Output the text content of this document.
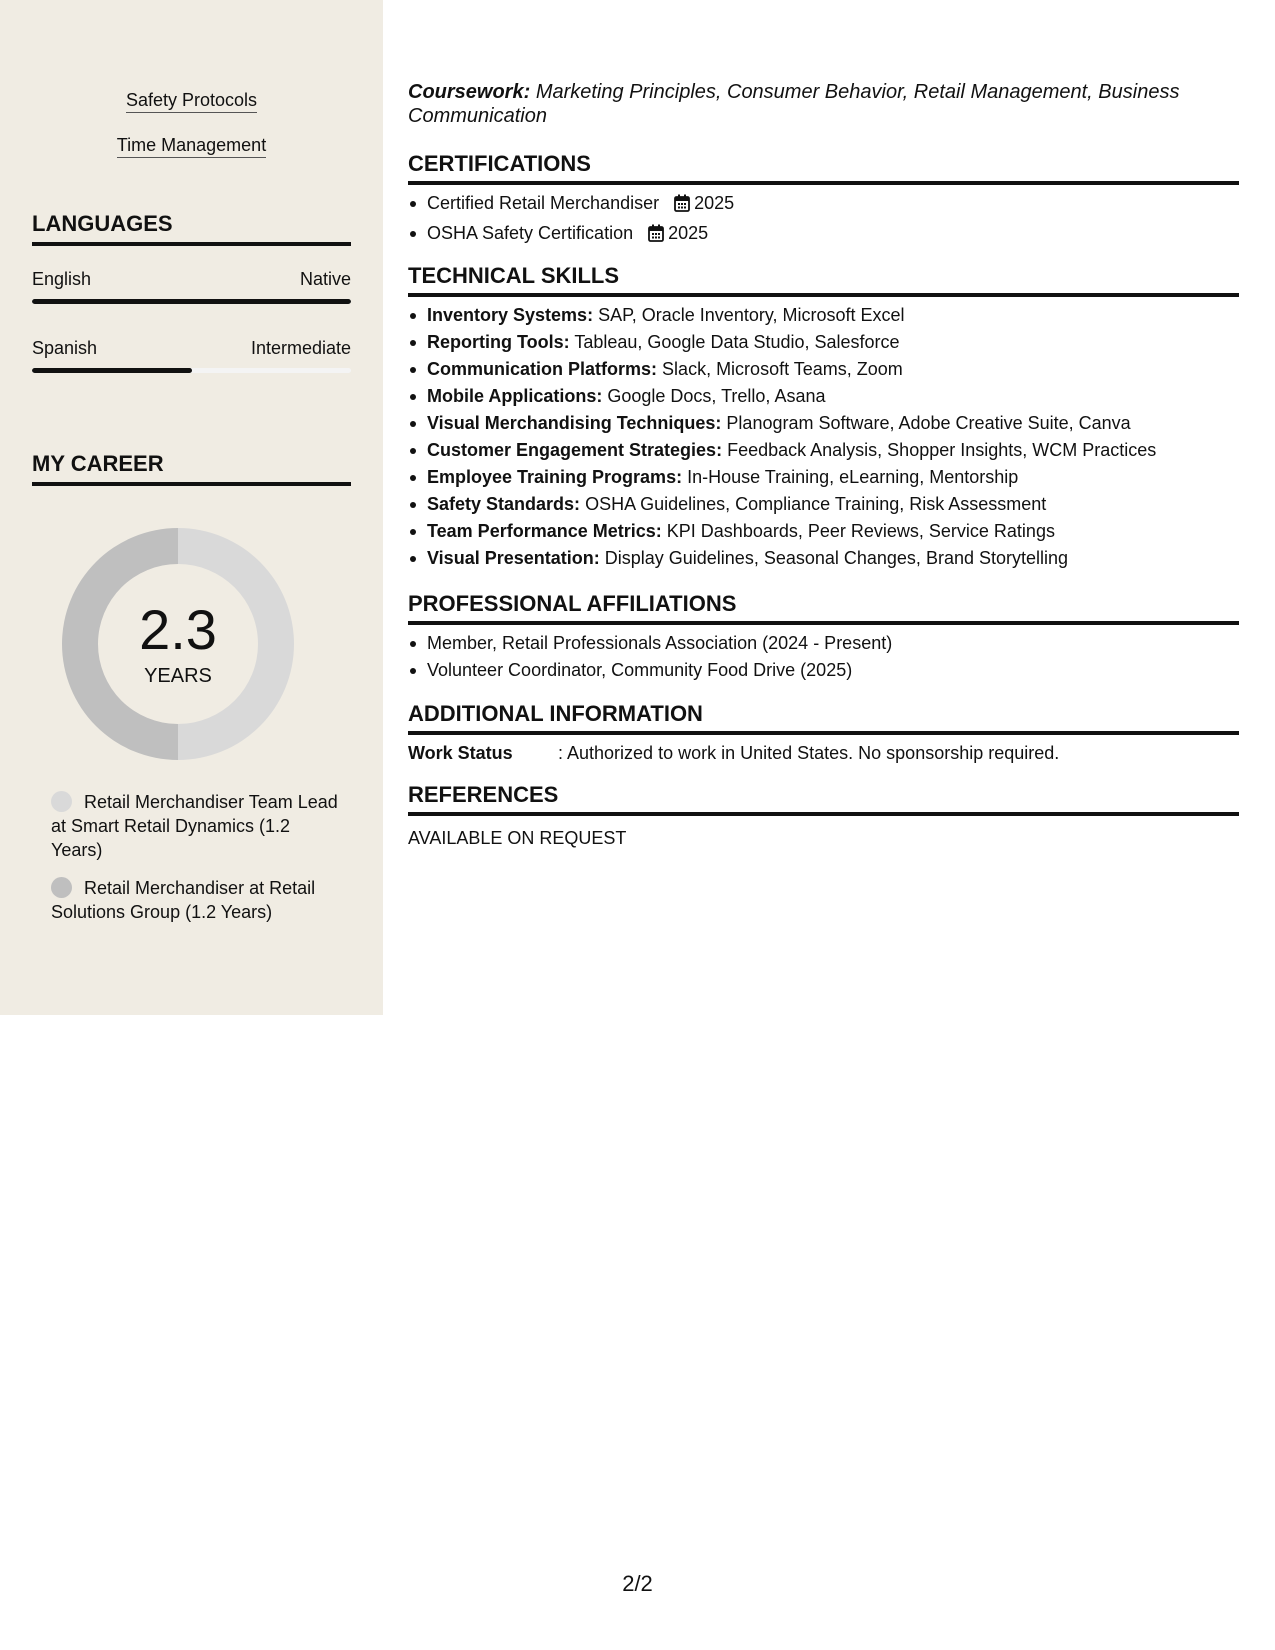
Safety Protocols
Time Management
LANGUAGES
English	Native
Spanish	Intermediate
MY CAREER
2.3
YEARS
Retail Merchandiser Team Lead at Smart Retail Dynamics (1.2 Years)
Retail Merchandiser at Retail Solutions Group (1.2 Years)
Coursework: Marketing Principles, Consumer Behavior, Retail Management, Business Communication
CERTIFICATIONS
Certified Retail Merchandiser 2025
OSHA Safety Certification 2025
TECHNICAL SKILLS
Inventory Systems: SAP, Oracle Inventory, Microsoft Excel
Reporting Tools: Tableau, Google Data Studio, Salesforce
Communication Platforms: Slack, Microsoft Teams, Zoom
Mobile Applications: Google Docs, Trello, Asana
Visual Merchandising Techniques: Planogram Software, Adobe Creative Suite, Canva
Customer Engagement Strategies: Feedback Analysis, Shopper Insights, WCM Practices
Employee Training Programs: In-House Training, eLearning, Mentorship
Safety Standards: OSHA Guidelines, Compliance Training, Risk Assessment
Team Performance Metrics: KPI Dashboards, Peer Reviews, Service Ratings
Visual Presentation: Display Guidelines, Seasonal Changes, Brand Storytelling
PROFESSIONAL AFFILIATIONS
Member, Retail Professionals Association (2024 - Present)
Volunteer Coordinator, Community Food Drive (2025)
ADDITIONAL INFORMATION
Work Status	: Authorized to work in United States. No sponsorship required.
REFERENCES
AVAILABLE ON REQUEST
2/2
